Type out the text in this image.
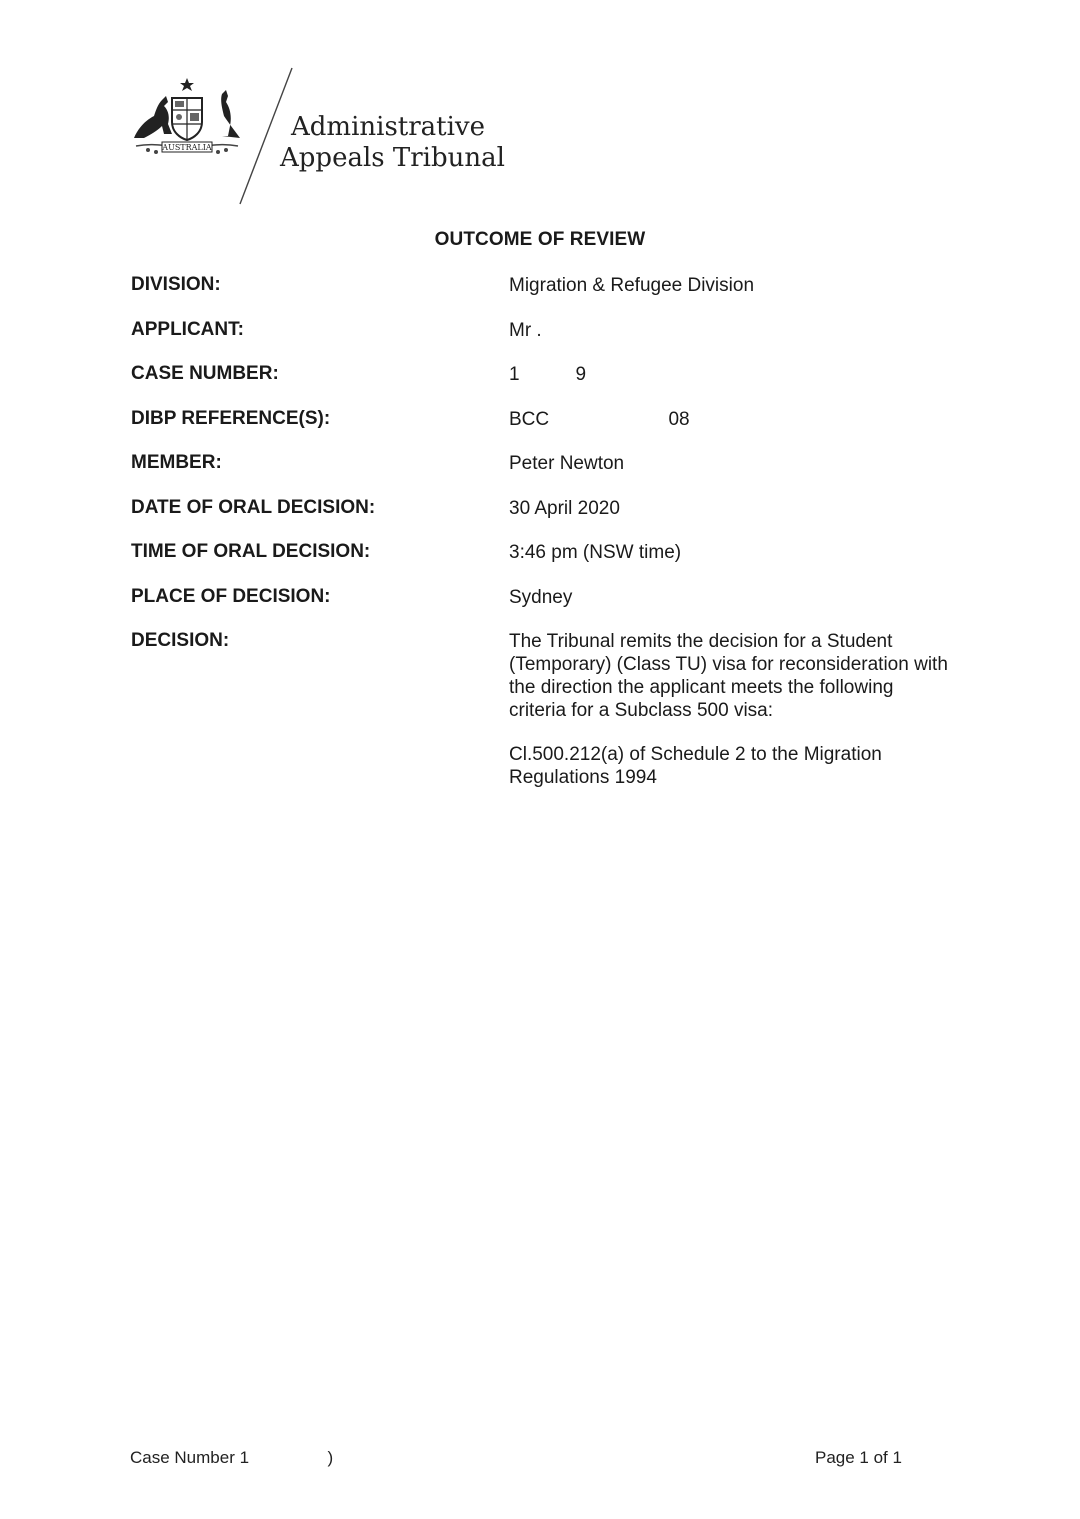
AUSTRALIA
Administrative
Appeals Tribunal
OUTCOME OF REVIEW
DIVISION:	Migration & Refugee Division
APPLICANT:	Mr .
CASE NUMBER:	1         9
DIBP REFERENCE(S):	BCC                   08
MEMBER:	Peter Newton
DATE OF ORAL DECISION:	30 April 2020
TIME OF ORAL DECISION:	3:46 pm (NSW time)
PLACE OF DECISION:	Sydney
DECISION:	The Tribunal remits the decision for a Student (Temporary) (Class TU) visa for reconsideration with the direction the applicant meets the following criteria for a Subclass 500 visa:

Cl.500.212(a) of Schedule 2 to the Migration Regulations 1994

Case Number 1              )	Page 1 of 1
